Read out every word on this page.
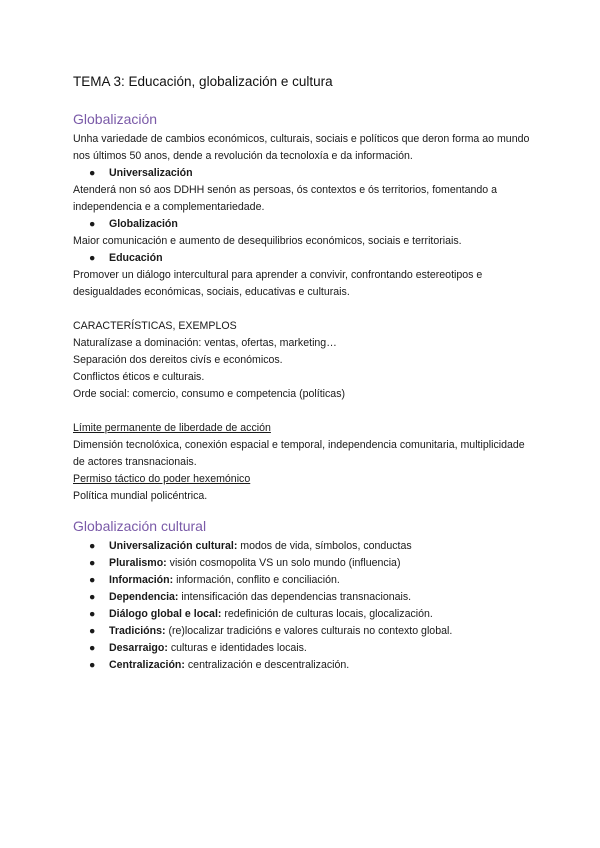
TEMA 3: Educación, globalización e cultura
Globalización

Unha variedade de cambios económicos, culturais, sociais e políticos que deron forma ao mundo nos últimos 50 anos, dende a revolución da tecnoloxía e da información.

●	Universalización

Atenderá non só aos DDHH senón as persoas, ós contextos e ós territorios, fomentando a independencia e a complementariedade.

●	Globalización

Maior comunicación e aumento de desequilibrios económicos, sociais e territoriais.

●	Educación

Promover un diálogo intercultural para aprender a convivir, confrontando estereotipos e desigualdades económicas, sociais, educativas e culturais.

CARACTERÍSTICAS, EXEMPLOS

Naturalízase a dominación: ventas, ofertas, marketing…

Separación dos dereitos civís e económicos.

Conflictos éticos e culturais.

Orde social: comercio, consumo e competencia (políticas)

Límite permanente de liberdade de acción

Dimensión tecnolóxica, conexión espacial e temporal, independencia comunitaria, multiplicidade de actores transnacionais.

Permiso táctico do poder hexemónico

Política mundial policéntrica.

Globalización cultural
●	Universalización cultural: modos de vida, símbolos, conductas
●	Pluralismo: visión cosmopolita VS un solo mundo (influencia)
●	Información: información, conflito e conciliación.
●	Dependencia: intensificación das dependencias transnacionais.
●	Diálogo global e local: redefinición de culturas locais, glocalización.
●	Tradicións: (re)localizar tradicións e valores culturais no contexto global.
●	Desarraigo: culturas e identidades locais.
●	Centralización: centralización e descentralización.
